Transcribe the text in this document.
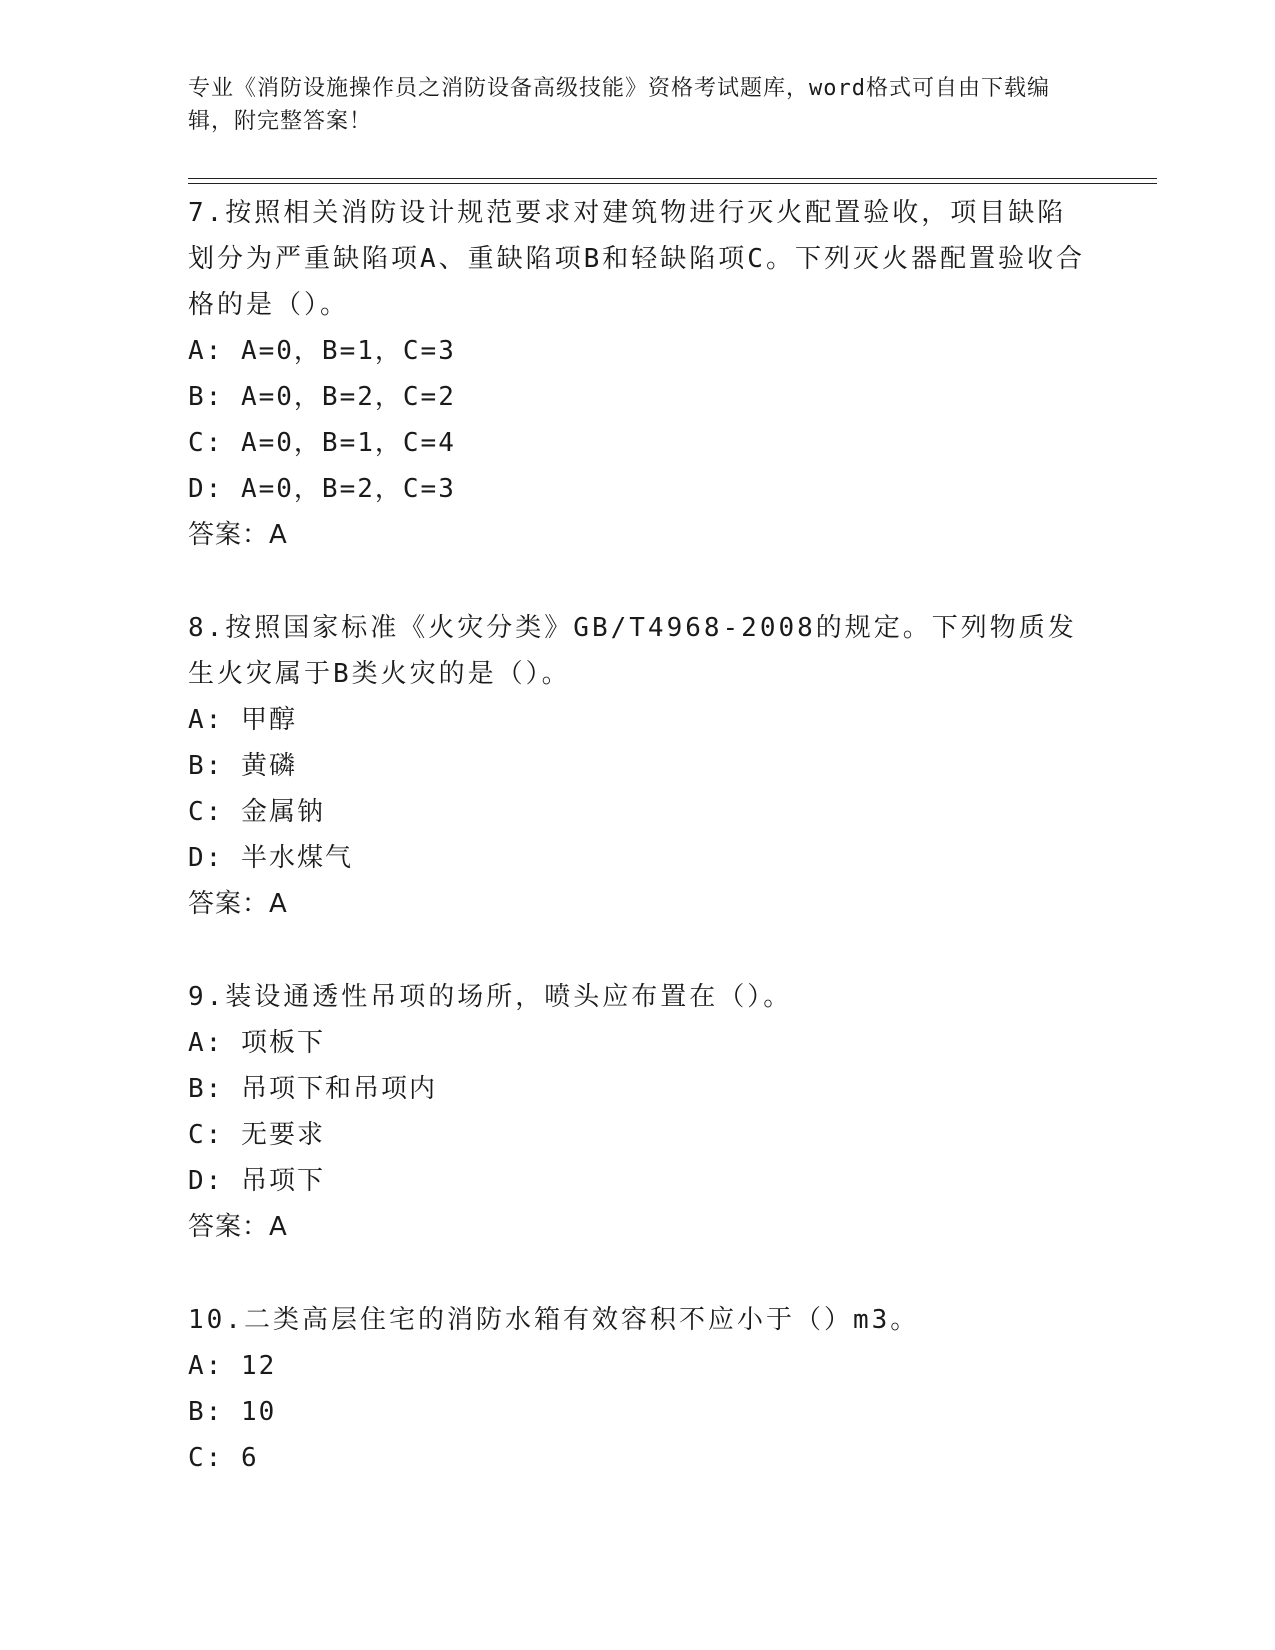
专业《消防设施操作员之消防设备高级技能》资格考试题库，word格式可自由下载编辑，附完整答案！
7.按照相关消防设计规范要求对建筑物进行灭火配置验收，项目缺陷划分为严重缺陷项A、重缺陷项B和轻缺陷项C。下列灭火器配置验收合格的是（）。
A: A=0，B=1，C=3
B: A=0，B=2，C=2
C: A=0，B=1，C=4
D: A=0，B=2，C=3
答案：A
8.按照国家标准《火灾分类》GB/T4968-2008的规定。下列物质发生火灾属于B类火灾的是（）。
A: 甲醇
B: 黄磷
C: 金属钠
D: 半水煤气
答案：A
9.装设通透性吊项的场所，喷头应布置在（）。
A: 项板下
B: 吊项下和吊项内
C: 无要求
D: 吊项下
答案：A
10.二类高层住宅的消防水箱有效容积不应小于（）m3。
A: 12
B: 10
C: 6
